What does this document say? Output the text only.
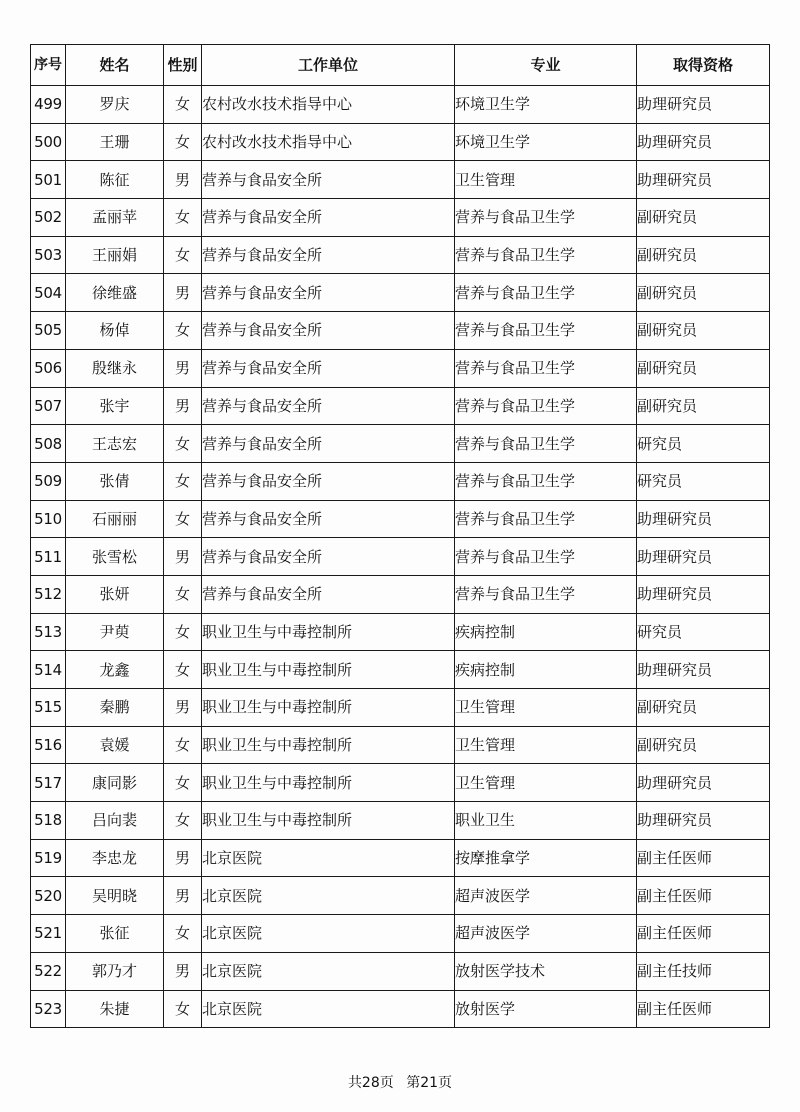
序号	姓名	性别	工作单位	专业	取得资格
499	罗庆	女	农村改水技术指导中心	环境卫生学	助理研究员
500	王珊	女	农村改水技术指导中心	环境卫生学	助理研究员
501	陈征	男	营养与食品安全所	卫生管理	助理研究员
502	孟丽苹	女	营养与食品安全所	营养与食品卫生学	副研究员
503	王丽娟	女	营养与食品安全所	营养与食品卫生学	副研究员
504	徐维盛	男	营养与食品安全所	营养与食品卫生学	副研究员
505	杨倬	女	营养与食品安全所	营养与食品卫生学	副研究员
506	殷继永	男	营养与食品安全所	营养与食品卫生学	副研究员
507	张宇	男	营养与食品安全所	营养与食品卫生学	副研究员
508	王志宏	女	营养与食品安全所	营养与食品卫生学	研究员
509	张倩	女	营养与食品安全所	营养与食品卫生学	研究员
510	石丽丽	女	营养与食品安全所	营养与食品卫生学	助理研究员
511	张雪松	男	营养与食品安全所	营养与食品卫生学	助理研究员
512	张妍	女	营养与食品安全所	营养与食品卫生学	助理研究员
513	尹萸	女	职业卫生与中毒控制所	疾病控制	研究员
514	龙鑫	女	职业卫生与中毒控制所	疾病控制	助理研究员
515	秦鹏	男	职业卫生与中毒控制所	卫生管理	副研究员
516	袁媛	女	职业卫生与中毒控制所	卫生管理	副研究员
517	康同影	女	职业卫生与中毒控制所	卫生管理	助理研究员
518	吕向裴	女	职业卫生与中毒控制所	职业卫生	助理研究员
519	李忠龙	男	北京医院	按摩推拿学	副主任医师
520	吴明晓	男	北京医院	超声波医学	副主任医师
521	张征	女	北京医院	超声波医学	副主任医师
522	郭乃才	男	北京医院	放射医学技术	副主任技师
523	朱捷	女	北京医院	放射医学	副主任医师
共28页 第21页
